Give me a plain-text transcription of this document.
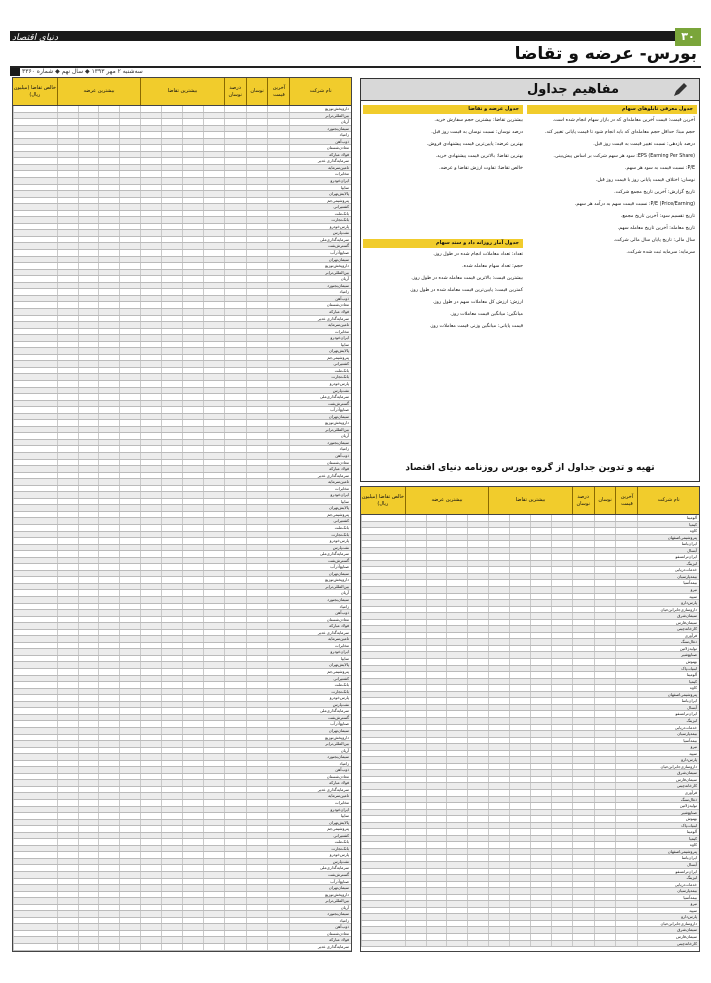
دنیای اقتصاد	۳۰
بورس- عرضه و تقاضا
سه‌شنبه ۲ مهر ۱۳۹۳ ◆ سال نهم ◆ شماره ۳۳۶۰
نام شرکت
آخرین قیمت
نوسان
درصد نوسان
بیشترین تقاضا
بیشترین عرضه
خالص تقاضا (میلیون ریال)
داروپخش‌توزیع
بین‌المللی‌ترابر
آریان
سیمان‌بجنورد
زامیاد
ذوب‌آهن
معادن‌شستان
فولاد مبارکه
سرمایه‌گذاری غدیر
تامین‌سرمایه
مخابرات
ایران‌خودرو
سایپا
پالایش‌تهران
پتروشیمی‌جم
کشتیرانی
بانک‌ملت
بانک‌تجارت
پارس‌خودرو
نفت‌پارس
سرمایه‌گذاری‌ملی
گسترش‌نفت
صنایع‌آذرآب
سیمان‌تهران
داروپخش‌توزیع
بین‌المللی‌ترابر
آریان
سیمان‌بجنورد
زامیاد
ذوب‌آهن
معادن‌شستان
فولاد مبارکه
سرمایه‌گذاری غدیر
تامین‌سرمایه
مخابرات
ایران‌خودرو
سایپا
پالایش‌تهران
پتروشیمی‌جم
کشتیرانی
بانک‌ملت
بانک‌تجارت
پارس‌خودرو
نفت‌پارس
سرمایه‌گذاری‌ملی
گسترش‌نفت
صنایع‌آذرآب
سیمان‌تهران
داروپخش‌توزیع
بین‌المللی‌ترابر
آریان
سیمان‌بجنورد
زامیاد
ذوب‌آهن
معادن‌شستان
فولاد مبارکه
سرمایه‌گذاری غدیر
تامین‌سرمایه
مخابرات
ایران‌خودرو
سایپا
پالایش‌تهران
پتروشیمی‌جم
کشتیرانی
بانک‌ملت
بانک‌تجارت
پارس‌خودرو
نفت‌پارس
سرمایه‌گذاری‌ملی
گسترش‌نفت
صنایع‌آذرآب
سیمان‌تهران
داروپخش‌توزیع
بین‌المللی‌ترابر
آریان
سیمان‌بجنورد
زامیاد
ذوب‌آهن
معادن‌شستان
فولاد مبارکه
سرمایه‌گذاری غدیر
تامین‌سرمایه
مخابرات
ایران‌خودرو
سایپا
پالایش‌تهران
پتروشیمی‌جم
کشتیرانی
بانک‌ملت
بانک‌تجارت
پارس‌خودرو
نفت‌پارس
سرمایه‌گذاری‌ملی
گسترش‌نفت
صنایع‌آذرآب
سیمان‌تهران
داروپخش‌توزیع
بین‌المللی‌ترابر
آریان
سیمان‌بجنورد
زامیاد
ذوب‌آهن
معادن‌شستان
فولاد مبارکه
سرمایه‌گذاری غدیر
تامین‌سرمایه
مخابرات
ایران‌خودرو
سایپا
پالایش‌تهران
پتروشیمی‌جم
کشتیرانی
بانک‌ملت
بانک‌تجارت
پارس‌خودرو
نفت‌پارس
سرمایه‌گذاری‌ملی
گسترش‌نفت
صنایع‌آذرآب
سیمان‌تهران
داروپخش‌توزیع
بین‌المللی‌ترابر
آریان
سیمان‌بجنورد
زامیاد
ذوب‌آهن
معادن‌شستان
فولاد مبارکه
سرمایه‌گذاری غدیر
مفاهیم جداول
جدول معرفی تابلوهای سهام
جدول عرضه و تقاضا
جدول آمار روزانه داد و ستد سهام
آخرین قیمت: قیمت آخرین معامله‌ای که در بازار سهام انجام شده است.
حجم مبنا: حداقل حجم معامله‌ای که باید انجام شود تا قیمت پایانی تغییر کند.
درصد بازدهی: نسبت تغییر قیمت به قیمت روز قبل.
(Earning Per Share) EPS: سود هر سهم شرکت بر اساس پیش‌بینی.
P/E: نسبت قیمت به سود هر سهم.
نوسان: اختلاف قیمت پایانی روز با قیمت روز قبل.
تاریخ گزارش: آخرین تاریخ مجمع شرکت.
(Price/Earning) P/E: نسبت قیمت سهم به درآمد هر سهم.
تاریخ تقسیم سود: آخرین تاریخ مجمع.
تاریخ معامله: آخرین تاریخ معامله سهم.
سال مالی: تاریخ پایان سال مالی شرکت.
سرمایه: سرمایه ثبت شده شرکت.
بیشترین تقاضا: بیشترین حجم سفارش خرید.
درصد نوسان: نسبت نوسان به قیمت روز قبل.
بهترین عرضه: پایین‌ترین قیمت پیشنهادی فروش.
بهترین تقاضا: بالاترین قیمت پیشنهادی خرید.
خالص تقاضا: تفاوت ارزش تقاضا و عرضه.
تعداد: تعداد معاملات انجام شده در طول روز.
حجم: تعداد سهام معامله شده.
بیشترین قیمت: بالاترین قیمت معامله شده در طول روز.
کمترین قیمت: پایین‌ترین قیمت معامله شده در طول روز.
ارزش: ارزش کل معاملات سهم در طول روز.
میانگین: میانگین قیمت معاملات روز.
قیمت پایانی: میانگین وزنی قیمت معاملات روز.
تهیه و تدوین جداول از گروه بورس روزنامه دنیای اقتصاد
نام شرکت
آخرین قیمت
نوسان
درصد نوسان
بیشترین تقاضا
بیشترین عرضه
خالص تقاضا (میلیون ریال)
آلومینا
کیمیا
کاوه
پتروشیمی‌اصفهان
ایران‌یاسا
آبسال
ایران‌ترانسفو
لیزینگ
خدمات‌دریایی
بیمه‌پارسیان
بیمه‌آسیا
نیرو
سپید
پارس‌دارو
داروسازی‌جابرابن‌حیان
سیمان‌شرق
سیمان‌فارس
کارخانه‌چینی
فرآوری
ذغال‌سنگ
تولید‌ژلاتین
صنایع‌شیر
بهنوش
لبنیات‌پاک
آلومینا
کیمیا
کاوه
پتروشیمی‌اصفهان
ایران‌یاسا
آبسال
ایران‌ترانسفو
لیزینگ
خدمات‌دریایی
بیمه‌پارسیان
بیمه‌آسیا
نیرو
سپید
پارس‌دارو
داروسازی‌جابرابن‌حیان
سیمان‌شرق
سیمان‌فارس
کارخانه‌چینی
فرآوری
ذغال‌سنگ
تولید‌ژلاتین
صنایع‌شیر
بهنوش
لبنیات‌پاک
آلومینا
کیمیا
کاوه
پتروشیمی‌اصفهان
ایران‌یاسا
آبسال
ایران‌ترانسفو
لیزینگ
خدمات‌دریایی
بیمه‌پارسیان
بیمه‌آسیا
نیرو
سپید
پارس‌دارو
داروسازی‌جابرابن‌حیان
سیمان‌شرق
سیمان‌فارس
کارخانه‌چینی
